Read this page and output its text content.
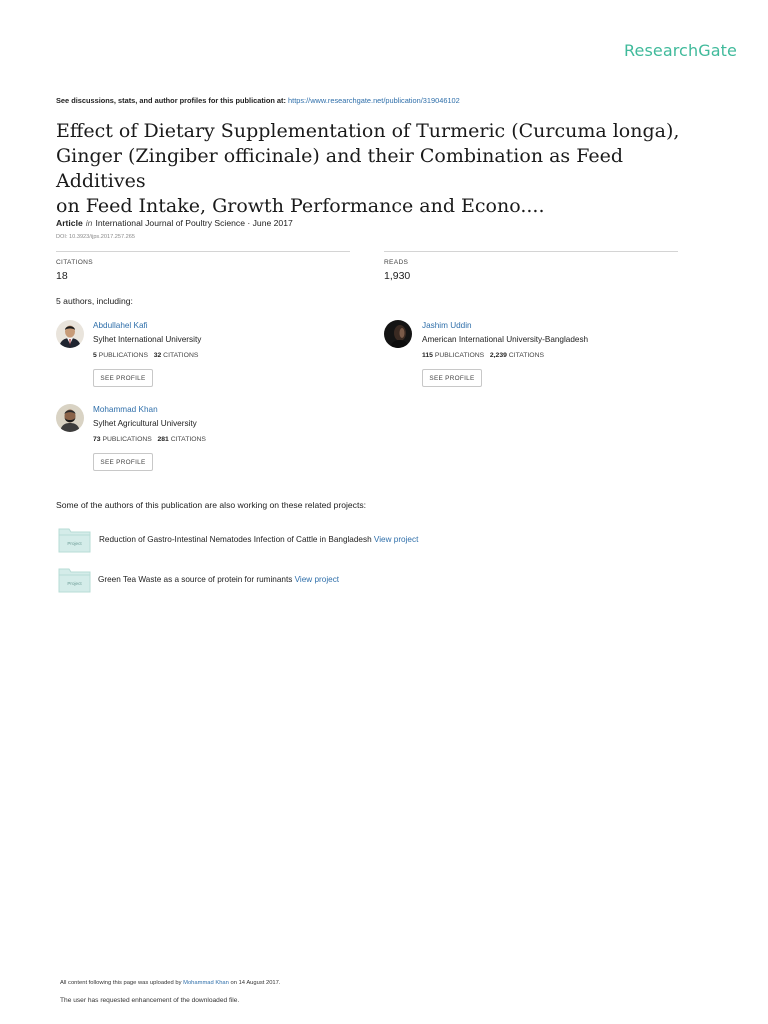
ResearchGate
See discussions, stats, and author profiles for this publication at: https://www.researchgate.net/publication/319046102
Effect of Dietary Supplementation of Turmeric (Curcuma longa),
Ginger (Zingiber officinale) and their Combination as Feed Additives
on Feed Intake, Growth Performance and Econo....
Article in International Journal of Poultry Science · June 2017
DOI: 10.3923/ijps.2017.257.265
CITATIONS
18
READS
1,930
5 authors, including:
Abdullahel Kafi
Sylhet International University
5 PUBLICATIONS 32 CITATIONS
SEE PROFILE
Jashim Uddin
American International University-Bangladesh
115 PUBLICATIONS 2,239 CITATIONS
SEE PROFILE
Mohammad Khan
Sylhet Agricultural University
73 PUBLICATIONS 281 CITATIONS
SEE PROFILE
Some of the authors of this publication are also working on these related projects:
Project Reduction of Gastro-Intestinal Nematodes Infection of Cattle in Bangladesh View project
Project Green Tea Waste as a source of protein for ruminants View project
All content following this page was uploaded by Mohammad Khan on 14 August 2017.
The user has requested enhancement of the downloaded file.
